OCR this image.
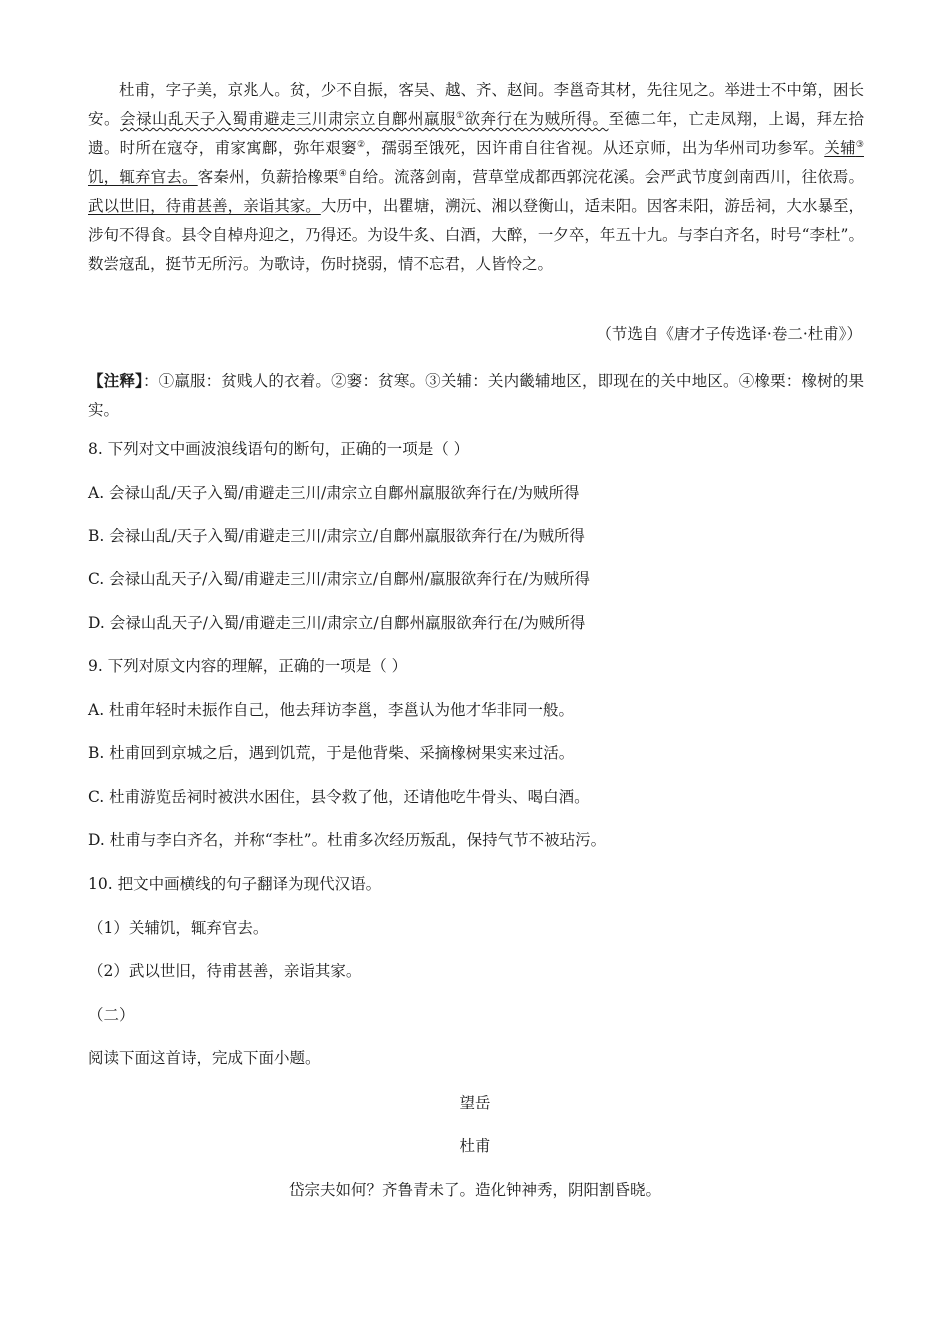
杜甫，字子美，京兆人。贫，少不自振，客吴、越、齐、赵间。李邕奇其材，先往见之。举进士不中第，困长安。会禄山乱天子入蜀甫避走三川肃宗立自鄜州羸服①欲奔行在为贼所得。至德二年，亡走凤翔，上谒，拜左拾遗。时所在寇夺，甫家寓鄜，弥年艰窭②，孺弱至饿死，因许甫自往省视。从还京师，出为华州司功参军。关辅③饥，辄弃官去。客秦州，负薪拾橡栗④自给。流落剑南，营草堂成都西郭浣花溪。会严武节度剑南西川，往依焉。武以世旧，待甫甚善，亲诣其家。大历中，出瞿塘，溯沅、湘以登衡山，适耒阳。因客耒阳，游岳祠，大水暴至，涉旬不得食。县令自棹舟迎之，乃得还。为设牛炙、白酒，大醉，一夕卒，年五十九。与李白齐名，时号“李杜”。数尝寇乱，挺节无所污。为歌诗，伤时挠弱，情不忘君，人皆怜之。
（节选自《唐才子传选译·卷二·杜甫》）
【注释】：①羸服：贫贱人的衣着。②窭：贫寒。③关辅：关内畿辅地区，即现在的关中地区。④橡栗：橡树的果实。
8. 下列对文中画波浪线语句的断句，正确的一项是（ ）
A. 会禄山乱/天子入蜀/甫避走三川/肃宗立自鄜州羸服欲奔行在/为贼所得
B. 会禄山乱/天子入蜀/甫避走三川/肃宗立/自鄜州羸服欲奔行在/为贼所得
C. 会禄山乱天子/入蜀/甫避走三川/肃宗立/自鄜州/羸服欲奔行在/为贼所得
D. 会禄山乱天子/入蜀/甫避走三川/肃宗立/自鄜州羸服欲奔行在/为贼所得
9. 下列对原文内容的理解，正确的一项是（ ）
A. 杜甫年轻时未振作自己，他去拜访李邕，李邕认为他才华非同一般。
B. 杜甫回到京城之后，遇到饥荒，于是他背柴、采摘橡树果实来过活。
C. 杜甫游览岳祠时被洪水困住，县令救了他，还请他吃牛骨头、喝白酒。
D. 杜甫与李白齐名，并称“李杜”。杜甫多次经历叛乱，保持气节不被玷污。
10. 把文中画横线的句子翻译为现代汉语。
（1）关辅饥，辄弃官去。
（2）武以世旧，待甫甚善，亲诣其家。
（二）
阅读下面这首诗，完成下面小题。
望岳
杜甫
岱宗夫如何？齐鲁青未了。造化钟神秀，阴阳割昏晓。
